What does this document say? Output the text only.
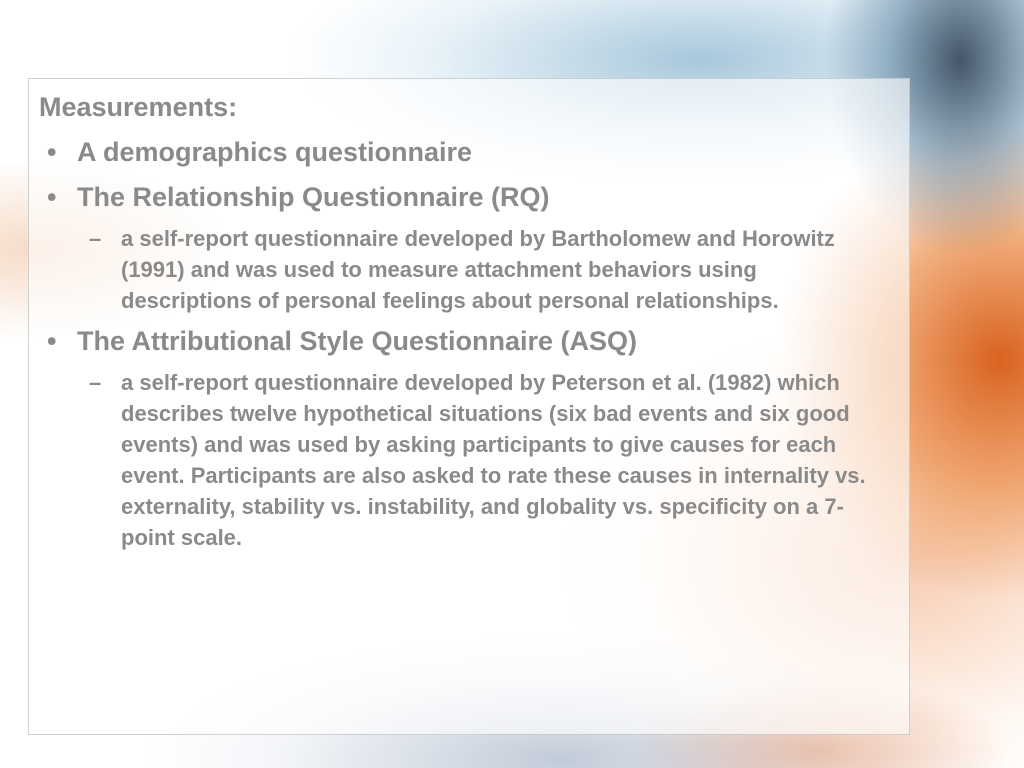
Measurements:

• A demographics questionnaire
• The Relationship Questionnaire (RQ)
– a self-report questionnaire developed by Bartholomew and Horowitz (1991) and was used to measure attachment behaviors using descriptions of personal feelings about personal relationships.
• The Attributional Style Questionnaire (ASQ)
– a self-report questionnaire developed by Peterson et al. (1982) which describes twelve hypothetical situations (six bad events and six good events) and was used by asking participants to give causes for each event. Participants are also asked to rate these causes in internality vs. externality, stability vs. instability, and globality vs. specificity on a 7-point scale.
